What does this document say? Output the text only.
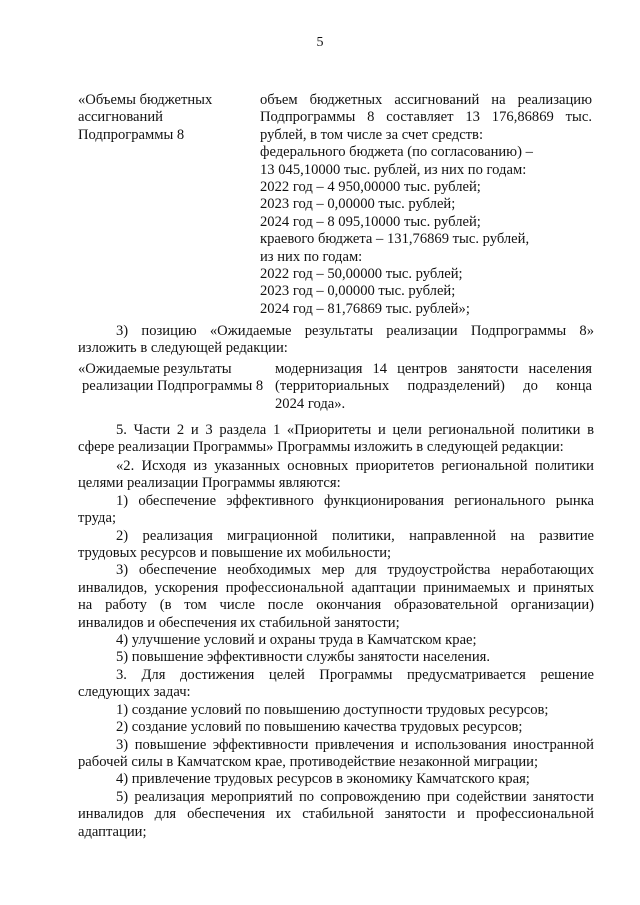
5
«Объемы бюджетных
ассигнований
Подпрограммы 8
объем бюджетных ассигнований на реализацию
Подпрограммы 8 составляет 13 176,86869 тыс.
рублей, в том числе за счет средств:
федерального бюджета (по согласованию) –
13 045,10000 тыс. рублей, из них по годам:
2022 год – 4 950,00000 тыс. рублей;
2023 год – 0,00000 тыс. рублей;
2024 год – 8 095,10000 тыс. рублей;
краевого бюджета – 131,76869 тыс. рублей,
из них по годам:
2022 год – 50,00000 тыс. рублей;
2023 год – 0,00000 тыс. рублей;
2024 год – 81,76869 тыс. рублей»;
3) позицию «Ожидаемые результаты реализации Подпрограммы 8»
изложить в следующей редакции:
«Ожидаемые результаты
реализации Подпрограммы 8
модернизация 14 центров занятости населения
(территориальных подразделений) до конца
2024 года».
5. Части 2 и 3 раздела 1 «Приоритеты и цели региональной политики в
сфере реализации Программы» Программы изложить в следующей редакции:
«2. Исходя из указанных основных приоритетов региональной политики
целями реализации Программы являются:
1) обеспечение эффективного функционирования регионального рынка
труда;
2) реализация миграционной политики, направленной на развитие
трудовых ресурсов и повышение их мобильности;
3) обеспечение необходимых мер для трудоустройства неработающих
инвалидов, ускорения профессиональной адаптации принимаемых и принятых
на работу (в том числе после окончания образовательной организации)
инвалидов и обеспечения их стабильной занятости;
4) улучшение условий и охраны труда в Камчатском крае;
5) повышение эффективности службы занятости населения.
3. Для достижения целей Программы предусматривается решение
следующих задач:
1) создание условий по повышению доступности трудовых ресурсов;
2) создание условий по повышению качества трудовых ресурсов;
3) повышение эффективности привлечения и использования иностранной
рабочей силы в Камчатском крае, противодействие незаконной миграции;
4) привлечение трудовых ресурсов в экономику Камчатского края;
5) реализация мероприятий по сопровождению при содействии занятости
инвалидов для обеспечения их стабильной занятости и профессиональной
адаптации;
